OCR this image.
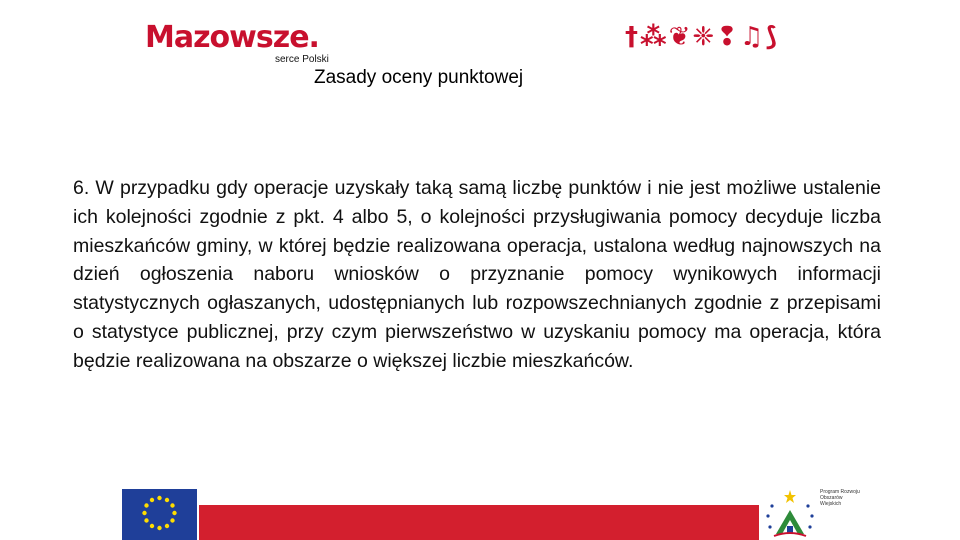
Mazowsze.
serce Polski
†⁂❦❈❢♫⟆
Zasady oceny punktowej

6. W przypadku gdy operacje uzyskały taką samą liczbę punktów i nie jest możliwe ustalenie ich kolejności zgodnie z pkt. 4 albo 5, o kolejności przysługiwania pomocy decyduje liczba mieszkańców gminy, w której będzie realizowana operacja, ustalona według najnowszych na dzień ogłoszenia naboru wniosków o przyznanie pomocy wynikowych informacji statystycznych ogłaszanych, udostępnianych lub rozpowszechnianych zgodnie z przepisami o statystyce publicznej, przy czym pierwszeństwo w uzyskaniu pomocy ma operacja, która będzie realizowana na obszarze o większej liczbie mieszkańców.

Program Rozwoju Obszarów Wiejskich
